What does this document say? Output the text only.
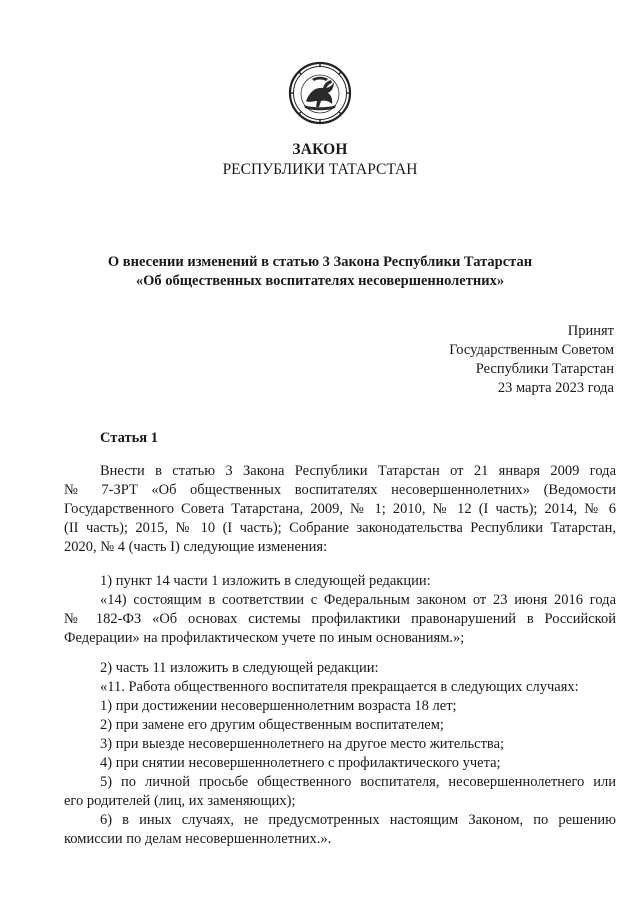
ЗАКОН
РЕСПУБЛИКИ ТАТАРСТАН
О внесении изменений в статью 3 Закона Республики Татарстан
«Об общественных воспитателях несовершеннолетних»
Принят
Государственным Советом
Республики Татарстан
23 марта 2023 года
Статья 1
Внести в статью 3 Закона Республики Татарстан от 21 января 2009 года
№ 7-ЗРТ «Об общественных воспитателях несовершеннолетних» (Ведомости
Государственного Совета Татарстана, 2009, № 1; 2010, № 12 (I часть); 2014, № 6
(II часть); 2015, № 10 (I часть); Собрание законодательства Республики Татарстан,
2020, № 4 (часть I) следующие изменения:
1) пункт 14 части 1 изложить в следующей редакции:
«14) состоящим в соответствии с Федеральным законом от 23 июня 2016 года
№ 182-ФЗ «Об основах системы профилактики правонарушений в Российской
Федерации» на профилактическом учете по иным основаниям.»;
2) часть 11 изложить в следующей редакции:
«11. Работа общественного воспитателя прекращается в следующих случаях:
1) при достижении несовершеннолетним возраста 18 лет;
2) при замене его другим общественным воспитателем;
3) при выезде несовершеннолетнего на другое место жительства;
4) при снятии несовершеннолетнего с профилактического учета;
5) по личной просьбе общественного воспитателя, несовершеннолетнего или
его родителей (лиц, их заменяющих);
6) в иных случаях, не предусмотренных настоящим Законом, по решению
комиссии по делам несовершеннолетних.».
